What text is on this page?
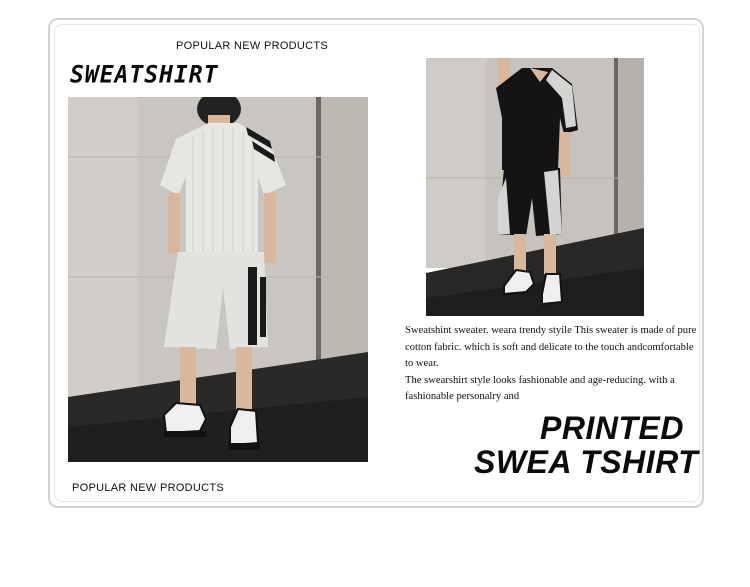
POPULAR NEW PRODUCTS
SWEATSHIRT

Sweatshint sweater. weara trendy styile This sweater is made of pure cotton fabric. which is soft and delicate to the touch andcomfortable to wear.

The swearshirt style looks fashionable and age-reducing. with a fashionable personalry and

PRINTED
SWEA TSHIRT
POPULAR NEW PRODUCTS
